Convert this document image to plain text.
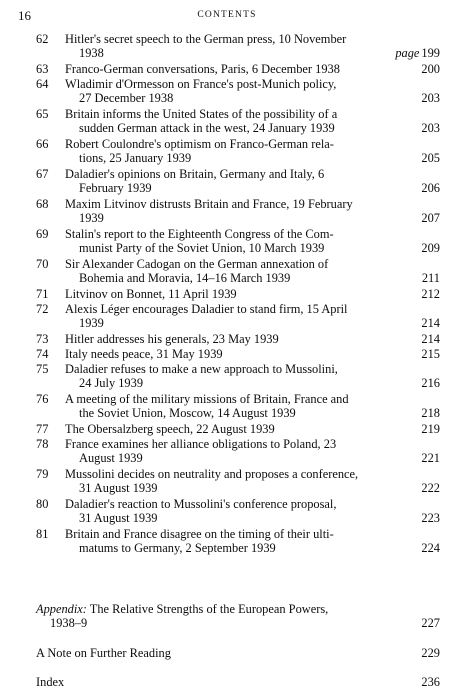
16	CONTENTS
62	Hitler's secret speech to the German press, 10 November
1938	page 199
63	Franco-German conversations, Paris, 6 December 1938	200
64	Wladimir d'Ormesson on France's post-Munich policy,
27 December 1938	203
65	Britain informs the United States of the possibility of a
sudden German attack in the west, 24 January 1939	203
66	Robert Coulondre's optimism on Franco-German rela-
tions, 25 January 1939	205
67	Daladier's opinions on Britain, Germany and Italy, 6
February 1939	206
68	Maxim Litvinov distrusts Britain and France, 19 February
1939	207
69	Stalin's report to the Eighteenth Congress of the Com-
munist Party of the Soviet Union, 10 March 1939	209
70	Sir Alexander Cadogan on the German annexation of
Bohemia and Moravia, 14–16 March 1939	211
71	Litvinov on Bonnet, 11 April 1939	212
72	Alexis Léger encourages Daladier to stand firm, 15 April
1939	214
73	Hitler addresses his generals, 23 May 1939	214
74	Italy needs peace, 31 May 1939	215
75	Daladier refuses to make a new approach to Mussolini,
24 July 1939	216
76	A meeting of the military missions of Britain, France and
the Soviet Union, Moscow, 14 August 1939	218
77	The Obersalzberg speech, 22 August 1939	219
78	France examines her alliance obligations to Poland, 23
August 1939	221
79	Mussolini decides on neutrality and proposes a conference,
31 August 1939	222
80	Daladier's reaction to Mussolini's conference proposal,
31 August 1939	223
81	Britain and France disagree on the timing of their ulti-
matums to Germany, 2 September 1939	224
Appendix: The Relative Strengths of the European Powers,
1938–9	227
A Note on Further Reading	229
Index	236
